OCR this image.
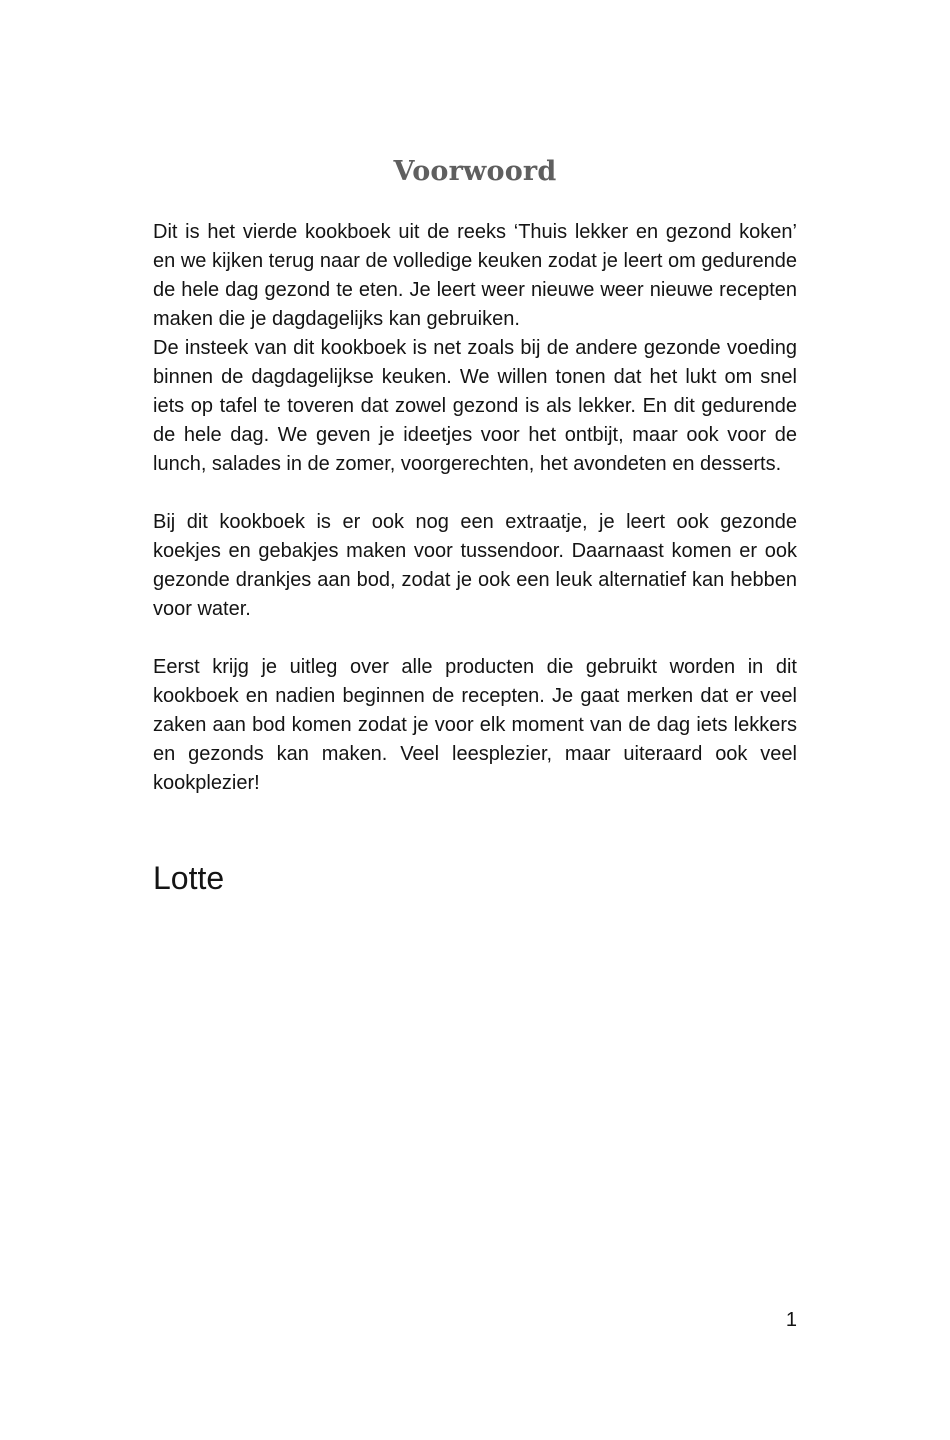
Voorwoord

Dit is het vierde kookboek uit de reeks ‘Thuis lekker en gezond koken’ en we kijken terug naar de volledige keuken zodat je leert om gedurende de hele dag gezond te eten. Je leert weer nieuwe weer nieuwe recepten maken die je dagdagelijks kan gebruiken.

De insteek van dit kookboek is net zoals bij de andere gezonde voeding binnen de dagdagelijkse keuken. We willen tonen dat het lukt om snel iets op tafel te toveren dat zowel gezond is als lekker. En dit gedurende de hele dag. We geven je ideetjes voor het ontbijt, maar ook voor de lunch, salades in de zomer, voorgerechten, het avondeten en desserts.

Bij dit kookboek is er ook nog een extraatje, je leert ook gezonde koekjes en gebakjes maken voor tussendoor. Daarnaast komen er ook gezonde drankjes aan bod, zodat je ook een leuk alternatief kan hebben voor water.

Eerst krijg je uitleg over alle producten die gebruikt worden in dit kookboek en nadien beginnen de recepten. Je gaat merken dat er veel zaken aan bod komen zodat je voor elk moment van de dag iets lekkers en gezonds kan maken. Veel leesplezier, maar uiteraard ook veel kookplezier!

Lotte

1
